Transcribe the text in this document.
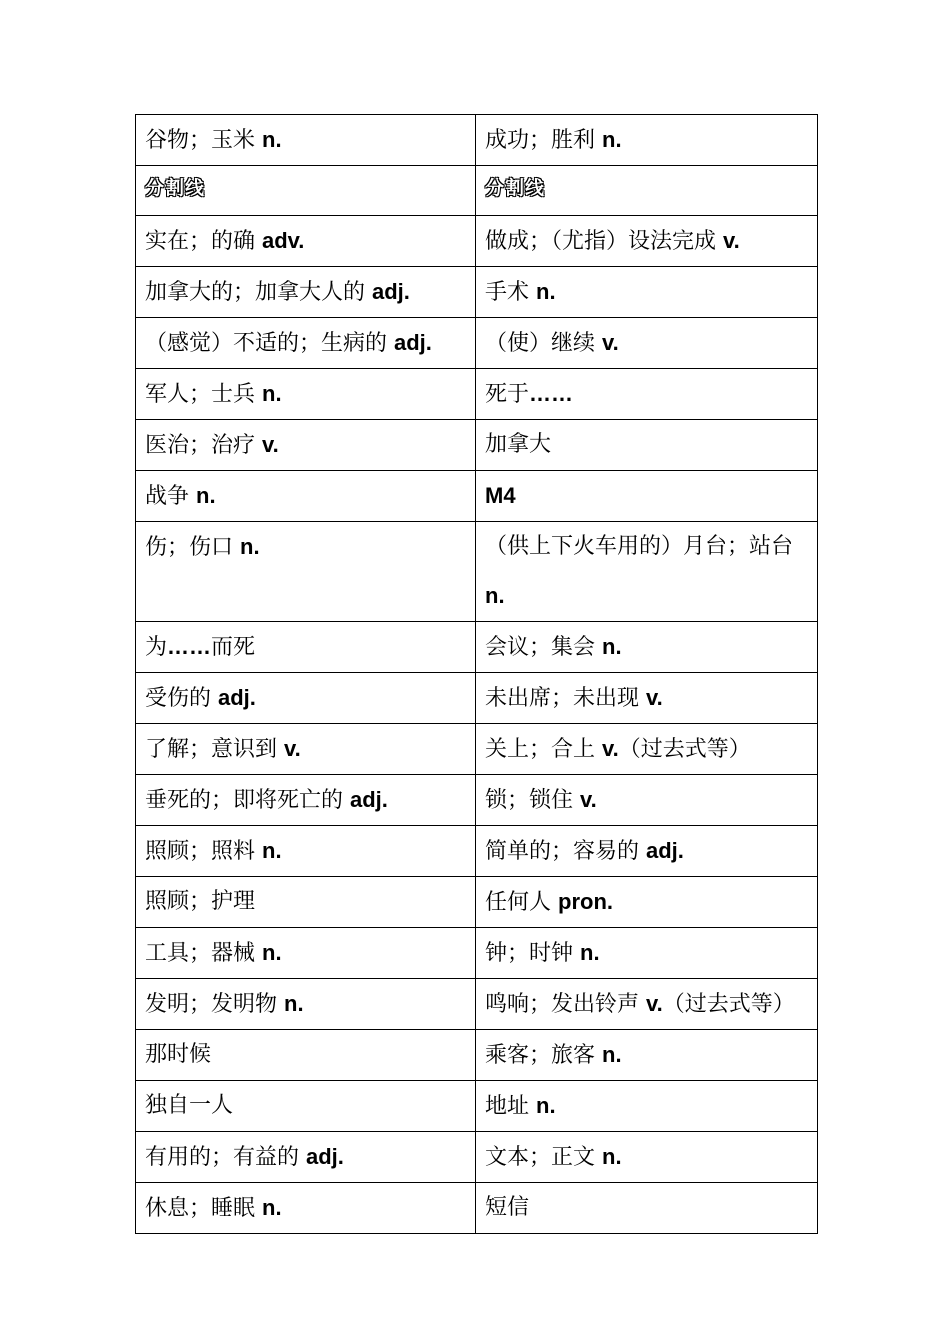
谷物；玉米 n.	成功；胜利 n.
分割线	分割线
实在；的确 adv.	做成；（尤指）设法完成 v.
加拿大的；加拿大人的 adj.	手术 n.
（感觉）不适的；生病的 adj.	（使）继续 v.
军人；士兵 n.	死于……
医治；治疗 v.	加拿大
战争 n.	M4
伤；伤口 n.	（供上下火车用的）月台；站台 n.
为……而死	会议；集会 n.
受伤的 adj.	未出席；未出现 v.
了解；意识到 v.	关上；合上 v.（过去式等）
垂死的；即将死亡的 adj.	锁；锁住 v.
照顾；照料 n.	简单的；容易的 adj.
照顾；护理	任何人 pron.
工具；器械 n.	钟；时钟 n.
发明；发明物 n.	鸣响；发出铃声 v.（过去式等）
那时候	乘客；旅客 n.
独自一人	地址 n.
有用的；有益的 adj.	文本；正文 n.
休息；睡眠 n.	短信
